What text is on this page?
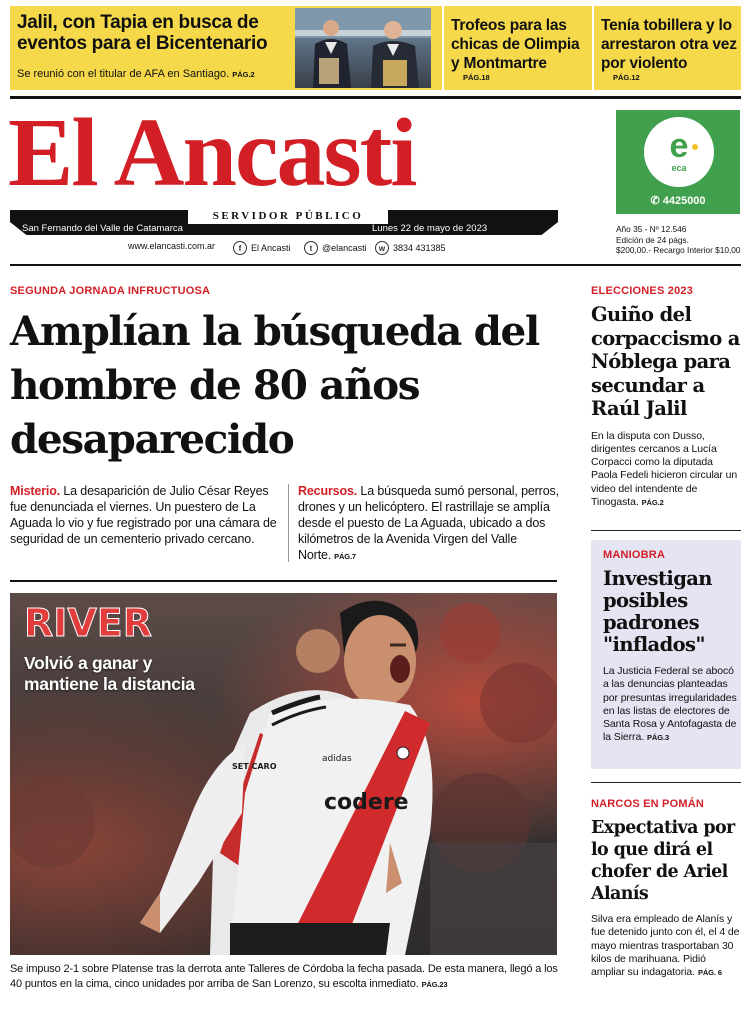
Jalil, con Tapia en busca de eventos para el Bicentenario
Se reunió con el titular de AFA en Santiago. PÁG.2
Trofeos para las chicas de Olimpia y Montmartre
PÁG.18
Tenía tobillera y lo arrestaron otra vez por violento
PÁG.12
El Ancasti
SERVIDOR PÚBLICO
San Fernando del Valle de Catamarca	Lunes 22 de mayo de 2023
www.elancasti.com.ar	f	El Ancasti	t	@elancasti	w 3834 431385
e
eca
✆ 4425000
Año 35 - Nº 12.546
Edición de 24 págs.
$200,00.- Recargo Interior $10,00
SEGUNDA JORNADA INFRUCTUOSA
Amplían la búsqueda del hombre de 80 años desaparecido
Misterio. La desaparición de Julio César Reyes fue denunciada el viernes. Un puestero de La Aguada lo vio y fue registrado por una cámara de seguridad de un cementerio privado cercano.
Recursos. La búsqueda sumó personal, perros, drones y un helicóptero. El rastrillaje se amplía desde el puesto de La Aguada, ubicado a dos kilómetros de la Avenida Virgen del Valle Norte. PÁG.7
codere
adidas
SET CARO
RIVER
Volvió a ganar y mantiene la distancia
Se impuso 2-1 sobre Platense tras la derrota ante Talleres de Córdoba la fecha pasada. De esta manera, llegó a los 40 puntos en la cima, cinco unidades por arriba de San Lorenzo, su escolta inmediato. PÁG.23
ELECCIONES 2023
Guiño del corpaccismo a Nóblega para secundar a Raúl Jalil
En la disputa con Dusso, dirigentes cercanos a Lucía Corpacci como la diputada Paola Fedeli hicieron circular un video del intendente de Tinogasta. PÁG.2
MANIOBRA
Investigan posibles padrones "inflados"
La Justicia Federal se abocó a las denuncias planteadas por presuntas irregularidades en las listas de electores de Santa Rosa y Antofagasta de la Sierra. PÁG.3
NARCOS EN POMÁN
Expectativa por lo que dirá el chofer de Ariel Alanís
Silva era empleado de Alanís y fue detenido junto con él, el 4 de mayo mientras trasportaban 30 kilos de marihuana. Pidió ampliar su indagatoria. PÁG. 6
